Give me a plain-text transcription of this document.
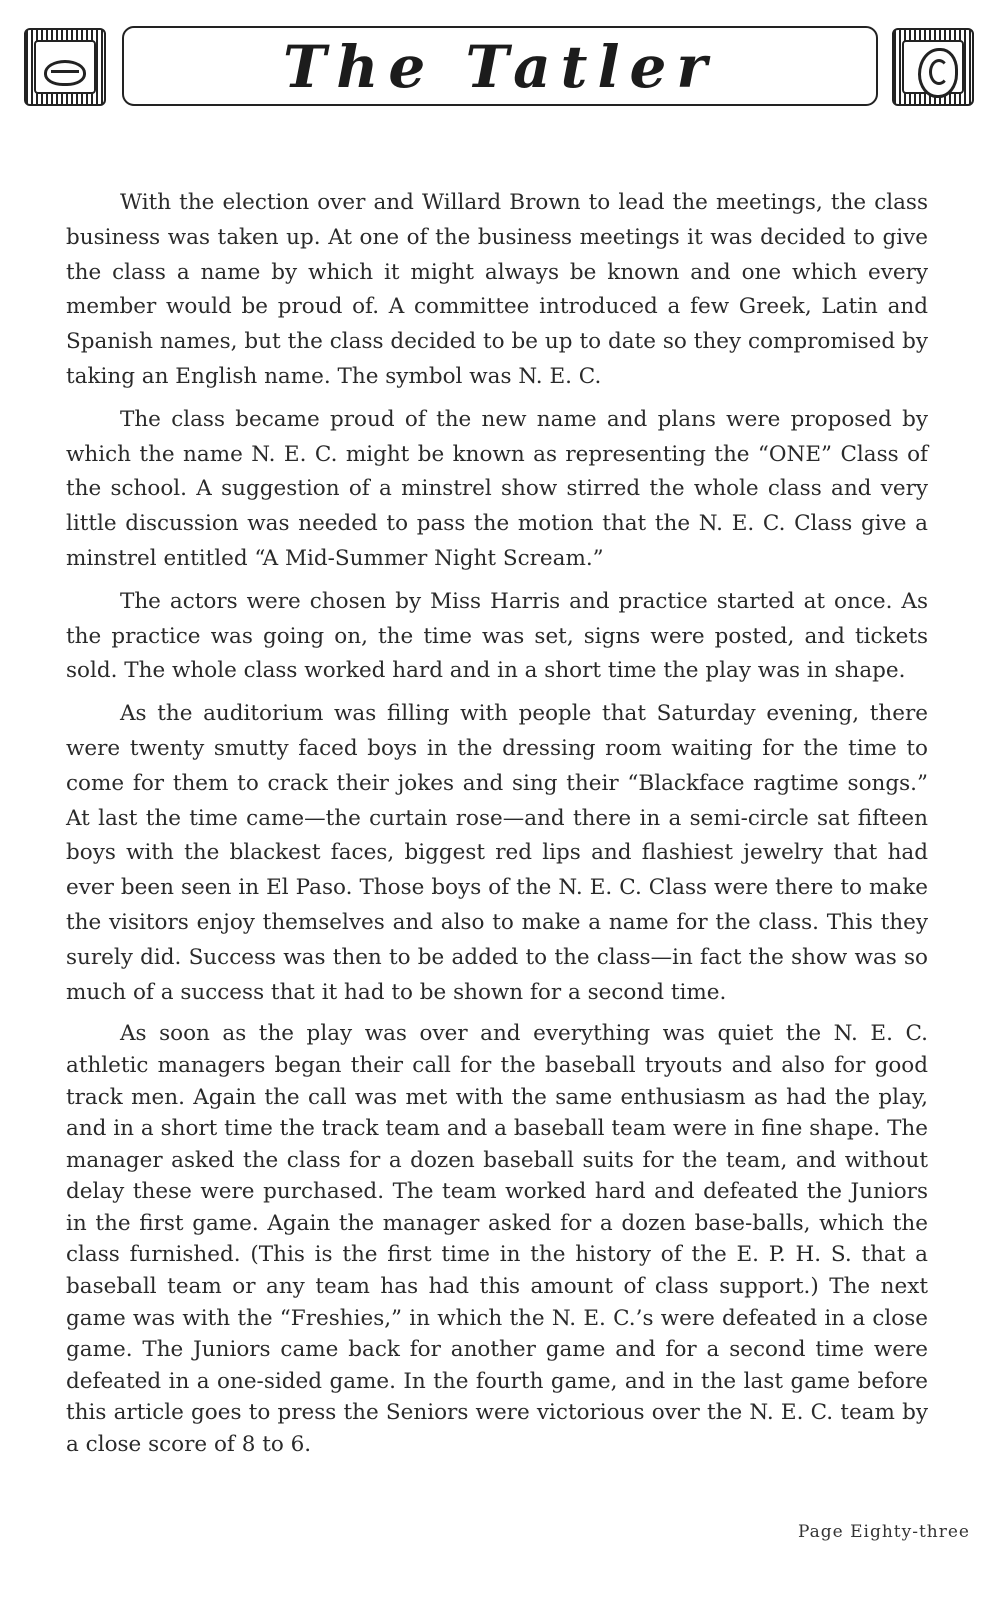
The Tatler

With the election over and Willard Brown to lead the meetings, the class business was taken up. At one of the business meetings it was decided to give the class a name by which it might always be known and one which every member would be proud of. A committee introduced a few Greek, Latin and Spanish names, but the class decided to be up to date so they compromised by taking an English name. The symbol was N. E. C.

The class became proud of the new name and plans were proposed by which the name N. E. C. might be known as representing the “ONE” Class of the school. A suggestion of a minstrel show stirred the whole class and very little discussion was needed to pass the motion that the N. E. C. Class give a minstrel entitled “A Mid-Summer Night Scream.”

The actors were chosen by Miss Harris and practice started at once. As the practice was going on, the time was set, signs were posted, and tickets sold. The whole class worked hard and in a short time the play was in shape.

As the auditorium was filling with people that Saturday evening, there were twenty smutty faced boys in the dressing room waiting for the time to come for them to crack their jokes and sing their “Blackface ragtime songs.” At last the time came—the curtain rose—and there in a semi-circle sat fifteen boys with the blackest faces, biggest red lips and flashiest jewelry that had ever been seen in El Paso. Those boys of the N. E. C. Class were there to make the visitors enjoy themselves and also to make a name for the class. This they surely did. Success was then to be added to the class—in fact the show was so much of a success that it had to be shown for a second time.

As soon as the play was over and everything was quiet the N. E. C. athletic managers began their call for the baseball tryouts and also for good track men. Again the call was met with the same enthusiasm as had the play, and in a short time the track team and a baseball team were in fine shape. The manager asked the class for a dozen baseball suits for the team, and without delay these were purchased. The team worked hard and defeated the Juniors in the first game. Again the manager asked for a dozen base-balls, which the class furnished. (This is the first time in the history of the E. P. H. S. that a baseball team or any team has had this amount of class support.) The next game was with the “Freshies,” in which the N. E. C.’s were defeated in a close game. The Juniors came back for another game and for a second time were defeated in a one-sided game. In the fourth game, and in the last game before this article goes to press the Seniors were victorious over the N. E. C. team by a close score of 8 to 6.

Page Eighty-three
